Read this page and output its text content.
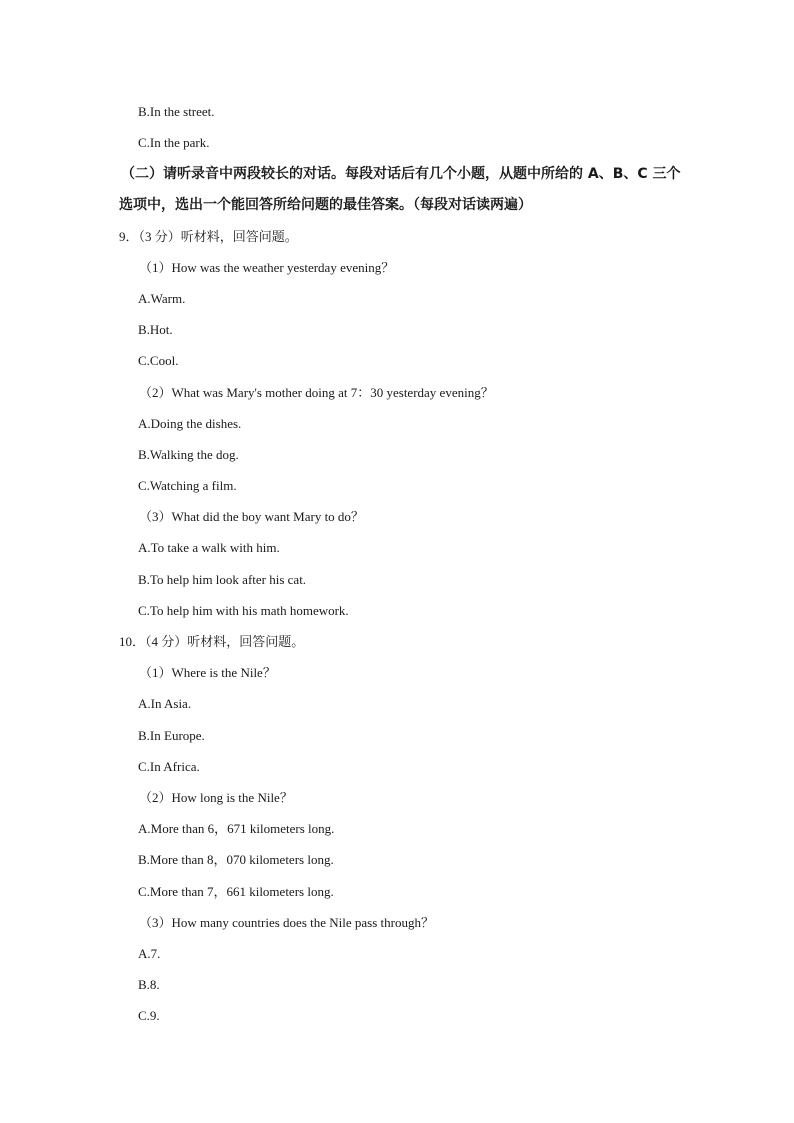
B.In the street.
C.In the park.
（二）请听录音中两段较长的对话。每段对话后有几个小题，从题中所给的 A、B、C 三个
选项中，选出一个能回答所给问题的最佳答案。（每段对话读两遍）
9．（3 分）听材料，回答问题。
（1）How was the weather yesterday evening？
A.Warm.
B.Hot.
C.Cool.
（2）What was Mary's mother doing at 7：30 yesterday evening？
A.Doing the dishes.
B.Walking the dog.
C.Watching a film.
（3）What did the boy want Mary to do？
A.To take a walk with him.
B.To help him look after his cat.
C.To help him with his math homework.
10．（4 分）听材料，回答问题。
（1）Where is the Nile？
A.In Asia.
B.In Europe.
C.In Africa.
（2）How long is the Nile？
A.More than 6，671 kilometers long.
B.More than 8，070 kilometers long.
C.More than 7，661 kilometers long.
（3）How many countries does the Nile pass through？
A.7.
B.8.
C.9.
